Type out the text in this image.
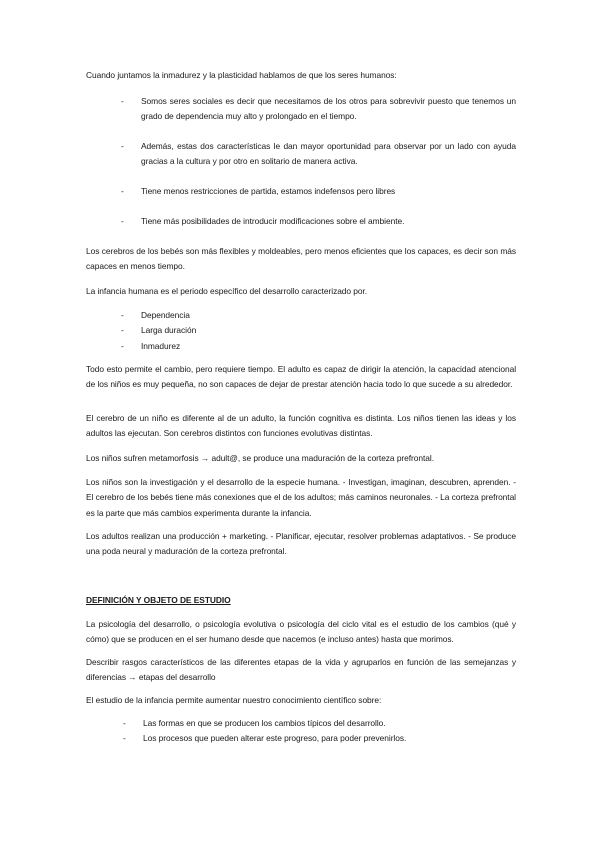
Cuando juntamos la inmadurez y la plasticidad hablamos de que los seres humanos:

- Somos seres sociales es decir que necesitamos de los otros para sobrevivir puesto que tenemos un grado de dependencia muy alto y prolongado en el tiempo.
- Además, estas dos características le dan mayor oportunidad para observar por un lado con ayuda gracias a la cultura y por otro en solitario de manera activa.
- Tiene menos restricciones de partida, estamos indefensos pero libres
- Tiene más posibilidades de introducir modificaciones sobre el ambiente.

Los cerebros de los bebés son más flexibles y moldeables, pero menos eficientes que los capaces, es decir son más capaces en menos tiempo.

La infancia humana es el periodo específico del desarrollo caracterizado por.

- Dependencia
- Larga duración
- Inmadurez

Todo esto permite el cambio, pero requiere tiempo. El adulto es capaz de dirigir la atención, la capacidad atencional de los niños es muy pequeña, no son capaces de dejar de prestar atención hacia todo lo que sucede a su alrededor.

El cerebro de un niño es diferente al de un adulto, la función cognitiva es distinta. Los niños tienen las ideas y los adultos las ejecutan. Son cerebros distintos con funciones evolutivas distintas.

Los niños sufren metamorfosis → adult@, se produce una maduración de la corteza prefrontal.

Los niños son la investigación y el desarrollo de la especie humana. - Investigan, imaginan, descubren, aprenden. - El cerebro de los bebés tiene más conexiones que el de los adultos; más caminos neuronales. - La corteza prefrontal es la parte que más cambios experimenta durante la infancia.

Los adultos realizan una producción + marketing. - Planificar, ejecutar, resolver problemas adaptativos. - Se produce una poda neural y maduración de la corteza prefrontal.

DEFINICIÓN Y OBJETO DE ESTUDIO

La psicología del desarrollo, o psicología evolutiva o psicología del ciclo vital es el estudio de los cambios (qué y cómo) que se producen en el ser humano desde que nacemos (e incluso antes) hasta que morimos.

Describir rasgos característicos de las diferentes etapas de la vida y agruparlos en función de las semejanzas y diferencias → etapas del desarrollo

El estudio de la infancia permite aumentar nuestro conocimiento científico sobre:

- Las formas en que se producen los cambios típicos del desarrollo.
- Los procesos que pueden alterar este progreso, para poder prevenirlos.
